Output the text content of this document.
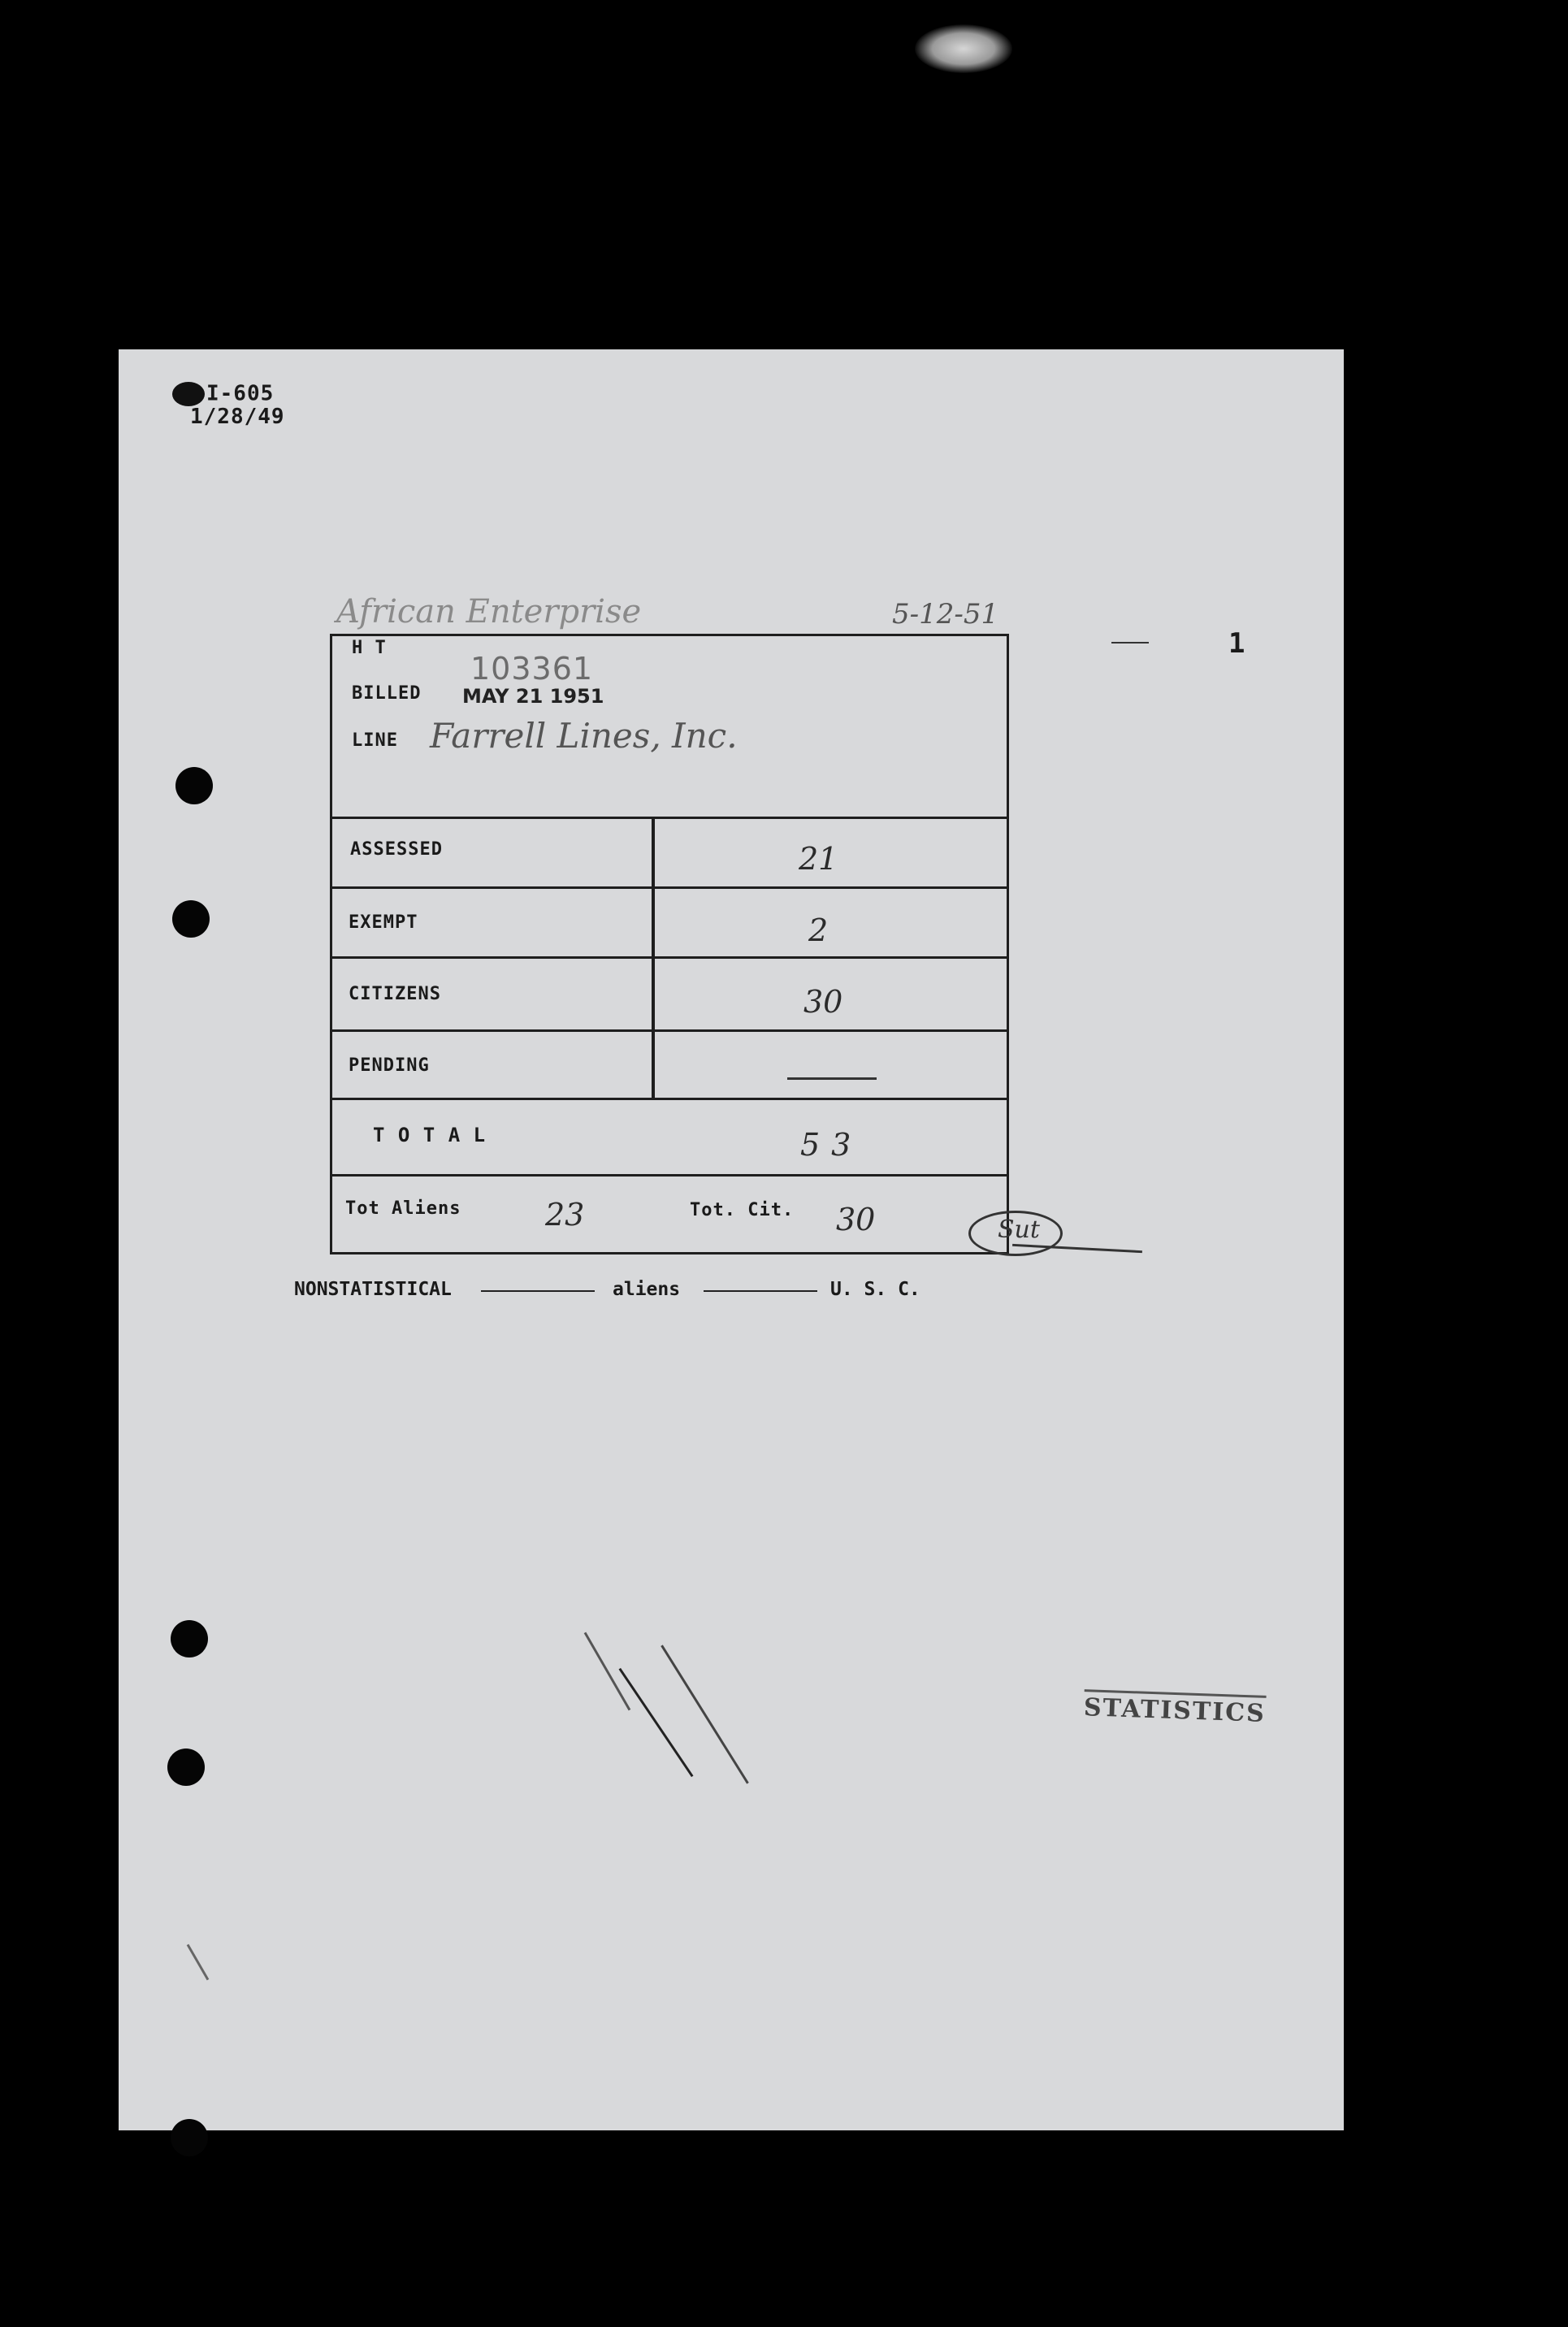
I-605
1/28/49
African Enterprise	5-12-51
1
H T
103361
BILLED MAY 21 1951
LINE Farrell Lines, Inc.
ASSESSED	21
EXEMPT	2
CITIZENS	30
PENDING
T O T A L	53
Tot Aliens	23	Tot. Cit. 30	Sut
NONSTATISTICAL	aliens	U. S. C.
STATISTICS
